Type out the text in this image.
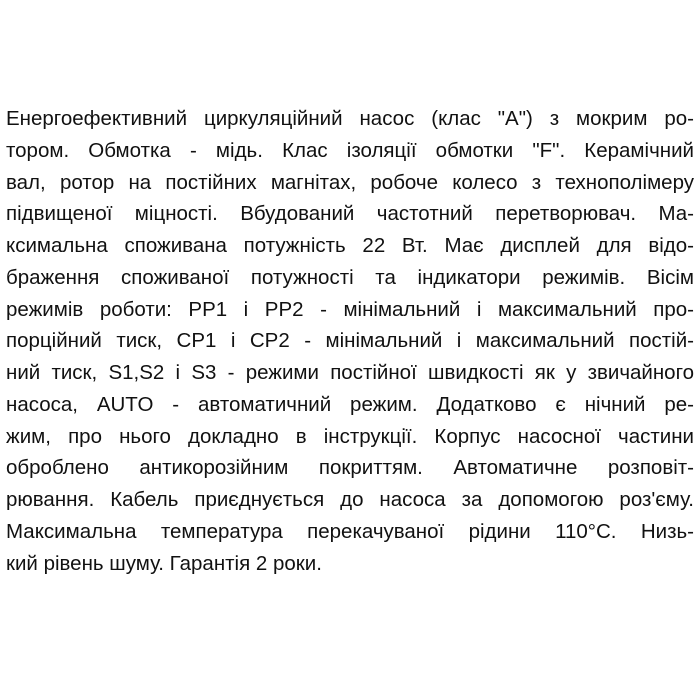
Енергоефективний циркуляційний насос (клас "А") з мокрим ро-
тором. Обмотка - мідь. Клас ізоляції обмотки "F". Керамічний
вал, ротор на постійних магнітах, робоче колесо з технополімеру
підвищеної міцності. Вбудований частотний перетворювач. Ма-
ксимальна споживана потужність 22 Вт. Має дисплей для відо-
браження споживаної потужності та індикатори режимів. Вісім
режимів роботи: PP1 і PP2 - мінімальний і максимальний про-
порційний тиск, CP1 і CP2 - мінімальний і максимальний постій-
ний тиск, S1,S2 і S3 - режими постійної швидкості як у звичайного
насоса, AUTO - автоматичний режим. Додатково є нічний ре-
жим, про нього докладно в інструкції. Корпус насосної частини
оброблено антикорозійним покриттям. Автоматичне розповіт-
рювання. Кабель приєднується до насоса за допомогою роз'єму.
Максимальна температура перекачуваної рідини 110°С. Низь-
кий рівень шуму. Гарантія 2 роки.
